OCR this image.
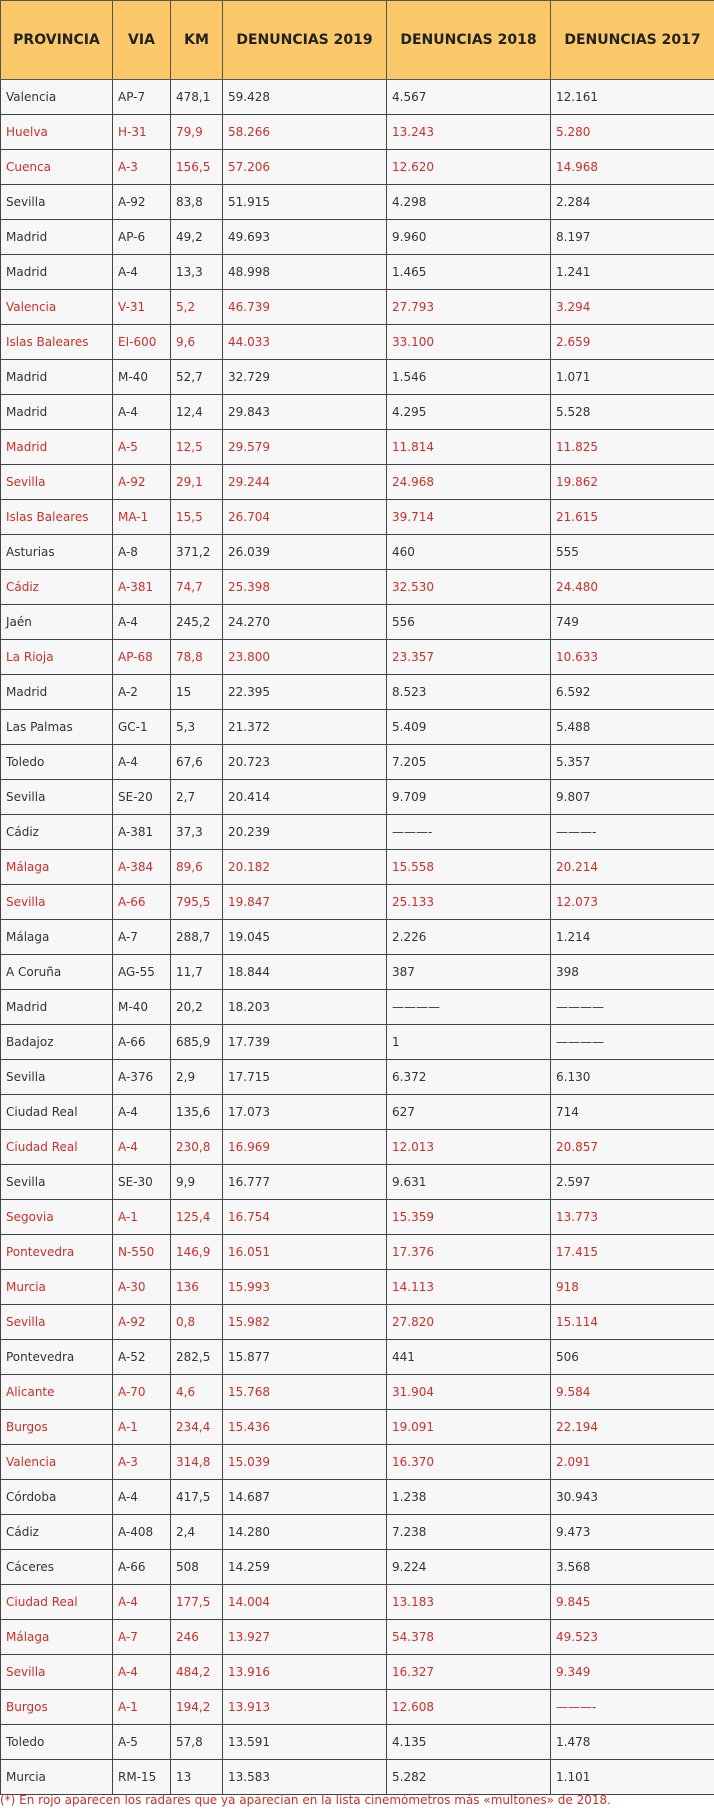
PROVINCIA	VIA	KM	DENUNCIAS 2019	DENUNCIAS 2018	DENUNCIAS 2017
Valencia	AP-7	478,1	59.428	4.567	12.161
Huelva	H-31	79,9	58.266	13.243	5.280
Cuenca	A-3	156,5	57.206	12.620	14.968
Sevilla	A-92	83,8	51.915	4.298	2.284
Madrid	AP-6	49,2	49.693	9.960	8.197
Madrid	A-4	13,3	48.998	1.465	1.241
Valencia	V-31	5,2	46.739	27.793	3.294
Islas Baleares	EI-600	9,6	44.033	33.100	2.659
Madrid	M-40	52,7	32.729	1.546	1.071
Madrid	A-4	12,4	29.843	4.295	5.528
Madrid	A-5	12,5	29.579	11.814	11.825
Sevilla	A-92	29,1	29.244	24.968	19.862
Islas Baleares	MA-1	15,5	26.704	39.714	21.615
Asturias	A-8	371,2	26.039	460	555
Cádiz	A-381	74,7	25.398	32.530	24.480
Jaén	A-4	245,2	24.270	556	749
La Rioja	AP-68	78,8	23.800	23.357	10.633
Madrid	A-2	15	22.395	8.523	6.592
Las Palmas	GC-1	5,3	21.372	5.409	5.488
Toledo	A-4	67,6	20.723	7.205	5.357
Sevilla	SE-20	2,7	20.414	9.709	9.807
Cádiz	A-381	37,3	20.239	———-	———-
Málaga	A-384	89,6	20.182	15.558	20.214
Sevilla	A-66	795,5	19.847	25.133	12.073
Málaga	A-7	288,7	19.045	2.226	1.214
A Coruña	AG-55	11,7	18.844	387	398
Madrid	M-40	20,2	18.203	————	————
Badajoz	A-66	685,9	17.739	1	————
Sevilla	A-376	2,9	17.715	6.372	6.130
Ciudad Real	A-4	135,6	17.073	627	714
Ciudad Real	A-4	230,8	16.969	12.013	20.857
Sevilla	SE-30	9,9	16.777	9.631	2.597
Segovia	A-1	125,4	16.754	15.359	13.773
Pontevedra	N-550	146,9	16.051	17.376	17.415
Murcia	A-30	136	15.993	14.113	918
Sevilla	A-92	0,8	15.982	27.820	15.114
Pontevedra	A-52	282,5	15.877	441	506
Alicante	A-70	4,6	15.768	31.904	9.584
Burgos	A-1	234,4	15.436	19.091	22.194
Valencia	A-3	314,8	15.039	16.370	2.091
Córdoba	A-4	417,5	14.687	1.238	30.943
Cádiz	A-408	2,4	14.280	7.238	9.473
Cáceres	A-66	508	14.259	9.224	3.568
Ciudad Real	A-4	177,5	14.004	13.183	9.845
Málaga	A-7	246	13.927	54.378	49.523
Sevilla	A-4	484,2	13.916	16.327	9.349
Burgos	A-1	194,2	13.913	12.608	———-
Toledo	A-5	57,8	13.591	4.135	1.478
Murcia	RM-15	13	13.583	5.282	1.101
(*) En rojo aparecen los radares que ya aparecían en la lista cinemómetros más «multones» de 2018.
